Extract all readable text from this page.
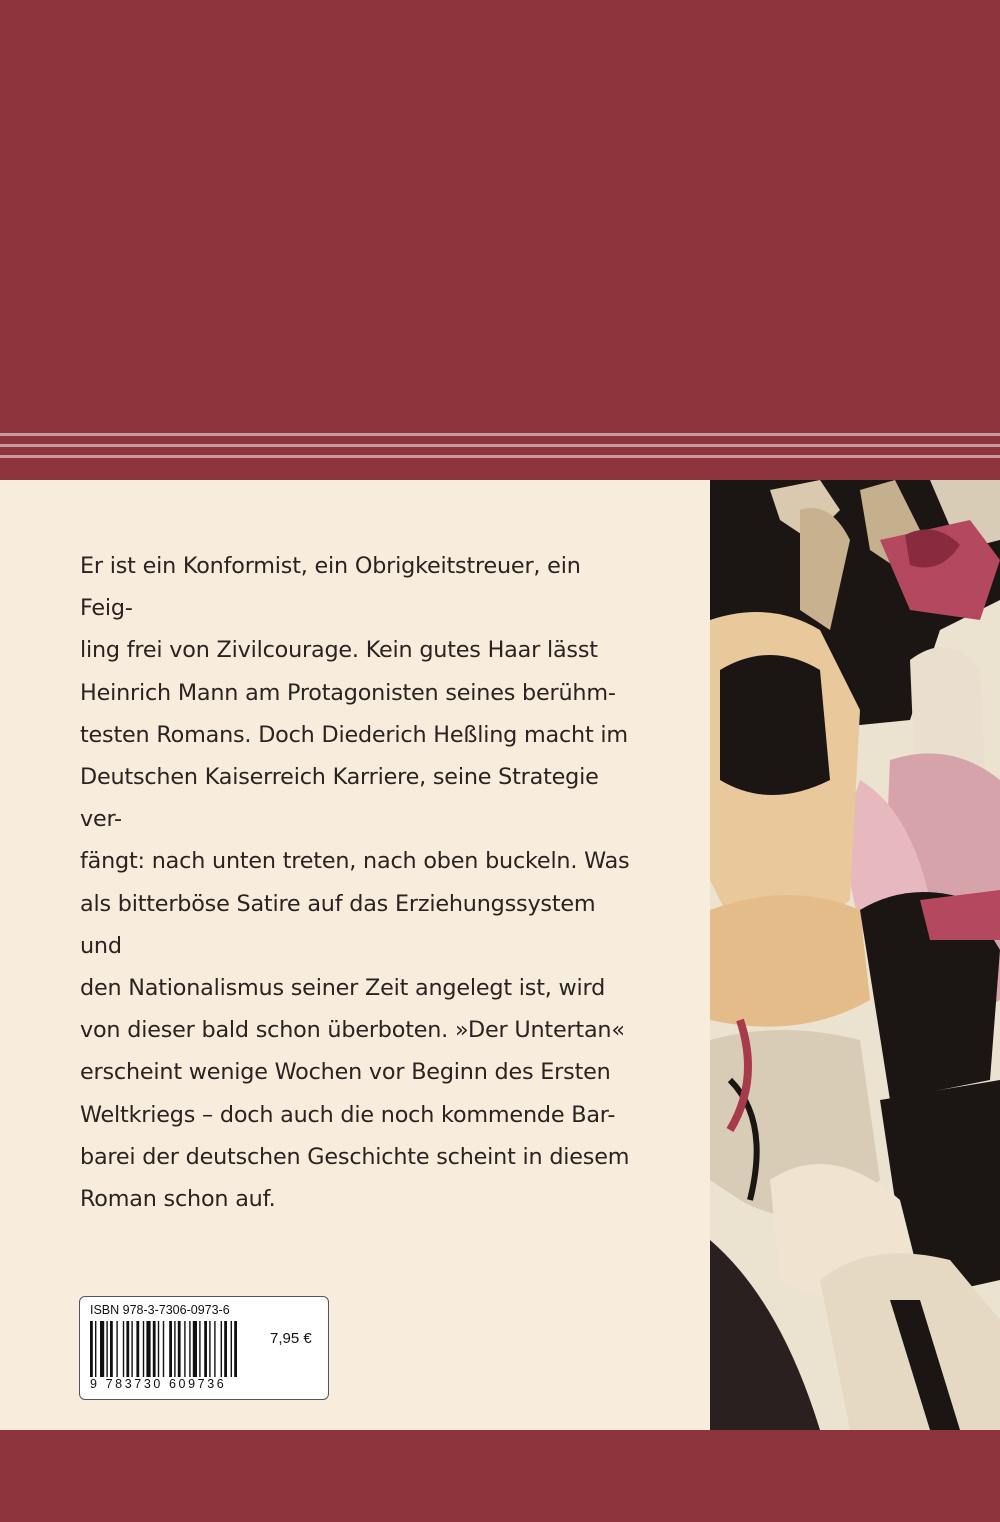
Er ist ein Konformist, ein Obrigkeitstreuer, ein Feig-
ling frei von Zivilcourage. Kein gutes Haar lässt
Heinrich Mann am Protagonisten seines berühm-
testen Romans. Doch Diederich Heßling macht im
Deutschen Kaiserreich Karriere, seine Strategie ver-
fängt: nach unten treten, nach oben buckeln. Was
als bitterböse Satire auf das Erziehungssystem und
den Nationalismus seiner Zeit angelegt ist, wird
von dieser bald schon überboten. »Der Untertan«
erscheint wenige Wochen vor Beginn des Ersten
Weltkriegs – doch auch die noch kommende Bar-
barei der deutschen Geschichte scheint in diesem
Roman schon auf.

ISBN 978-3-7306-0973-6
9 783730 609736
7,95 €
